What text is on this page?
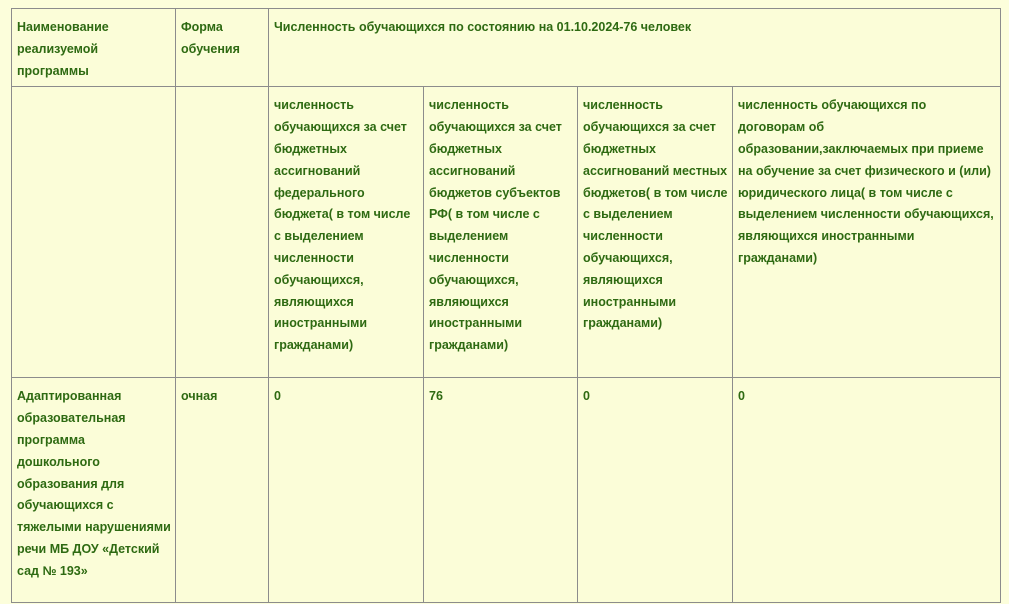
Наименование реализуемой программы	Форма обучения	Численность обучающихся по состоянию на 01.10.2024-76 человек			
		численность обучающихся за счет бюджетных ассигнований федерального бюджета( в том числе с выделением численности обучающихся, являющихся иностранными гражданами)	численность обучающихся за счет бюджетных ассигнований бюджетов субъектов РФ( в том числе с выделением численности обучающихся, являющихся иностранными гражданами)	численность обучающихся за счет бюджетных ассигнований местных бюджетов( в том числе с выделением численности обучающихся, являющихся иностранными гражданами)	численность обучающихся по договорам об образовании,заключаемых при приеме на обучение за счет физического и (или) юридического лица( в том числе с выделением численности обучающихся, являющихся иностранными гражданами)
Адаптированная образовательная программа дошкольного образования для обучающихся с тяжелыми нарушениями речи МБ ДОУ «Детский сад № 193»	очная	0	76	0	0
